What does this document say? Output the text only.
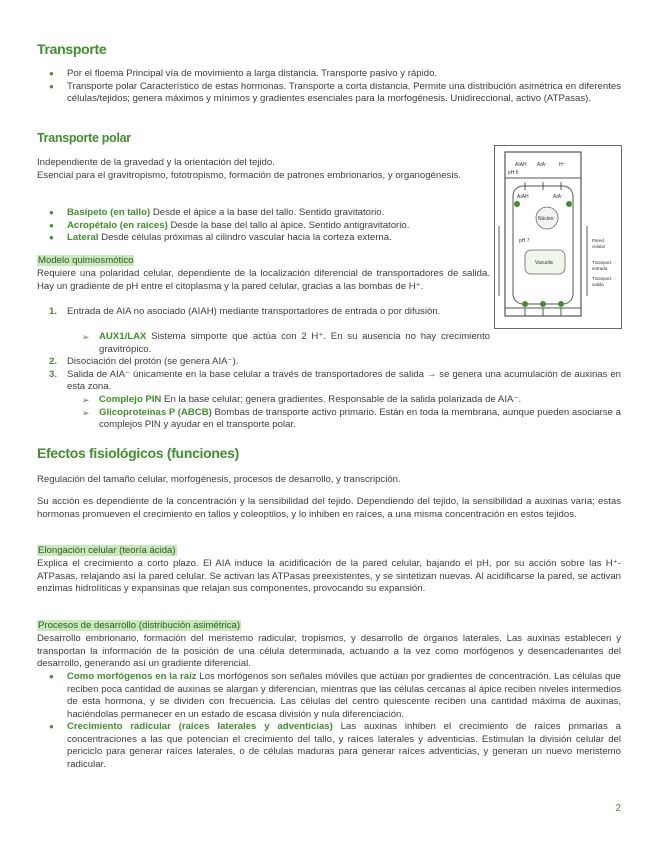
Transporte
● Por el floema Principal vía de movimiento a larga distancia. Transporte pasivo y rápido.
● Transporte polar Característico de estas hormonas. Transporte a corta distancia. Permite una distribución asimétrica en diferentes células/tejidos; genera máximos y mínimos y gradientes esenciales para la morfogénesis. Unidireccional, activo (ATPasas).
Transporte polar
Independiente de la gravedad y la orientación del tejido.
Esencial para el gravitropismo, fototropismo, formación de patrones embrionarios, y organogénesis.
● Basípeto (en tallo) Desde el ápice a la base del tallo. Sentido gravitatorio.
● Acropétalo (en raíces) Desde la base del tallo al ápice. Sentido antigravitatorio.
● Lateral Desde células próximas al cilindro vascular hacia la corteza externa.
Modelo quimiosmótico
Requiere una polaridad celular, dependiente de la localización diferencial de transportadores de salida. Hay un gradiente de pH entre el citoplasma y la pared celular, gracias a las bombas de H⁺.
1. Entrada de AIA no asociado (AIAH) mediante transportadores de entrada o por difusión.
➢ AUX1/LAX Sistema simporte que actúa con 2 H⁺. En su ausencia no hay crecimiento gravitrópico.
2. Disociación del protón (se genera AIA⁻).
3. Salida de AIA⁻ únicamente en la base celular a través de transportadores de salida → se genera una acumulación de auxinas en esta zona.
➢ Complejo PIN En la base celular; genera gradientes. Responsable de la salida polarizada de AIA⁻.
➢ Glicoproteínas P (ABCB) Bombas de transporte activo primario. Están en toda la membrana, aunque pueden asociarse a complejos PIN y ayudar en el transporte polar.
AIAH AIA⁻ H⁺
AIAH	AIA⁻
pH 5
pH 7
Núcleo
Vacuola
Pared
celular
Transport.
entrada
Transport.
salida
Efectos fisiológicos (funciones)
Regulación del tamaño celular, morfogénesis, procesos de desarrollo, y transcripción.
Su acción es dependiente de la concentración y la sensibilidad del tejido. Dependiendo del tejido, la sensibilidad a auxinas varía; estas hormonas promueven el crecimiento en tallos y coleoptilos, y lo inhiben en raíces, a una misma concentración en estos tejidos.
Elongación celular (teoría ácida)
Explica el crecimiento a corto plazo. El AIA induce la acidificación de la pared celular, bajando el pH, por su acción sobre las H⁺-ATPasas, relajando así la pared celular. Se activan las ATPasas preexistentes, y se sintetizan nuevas. Al acidificarse la pared, se activan enzimas hidrolíticas y expansinas que relajan sus componentes, provocando su expansión.
Procesos de desarrollo (distribución asimétrica)
Desarrollo embrionario, formación del meristemo radicular, tropismos, y desarrollo de órganos laterales. Las auxinas establecen y transportan la información de la posición de una célula determinada, actuando a la vez como morfógenos y desencadenantes del desarrollo, generando así un gradiente diferencial.
● Como morfógenos en la raíz Los morfógenos son señales móviles que actúan por gradientes de concentración. Las células que reciben poca cantidad de auxinas se alargan y diferencian, mientras que las células cercanas al ápice reciben niveles intermedios de esta hormona, y se dividen con frecuencia. Las células del centro quiescente reciben una cantidad máxima de auxinas, haciéndolas permanecer en un estado de escasa división y nula diferenciación.
● Crecimiento radicular (raíces laterales y adventicias) Las auxinas inhiben el crecimiento de raíces primarias a concentraciones a las que potencian el crecimiento del tallo, y raíces laterales y adventicias. Estimulan la división celular del periciclo para generar raíces laterales, o de células maduras para generar raíces adventicias, y generan un nuevo meristemo radicular.
2
